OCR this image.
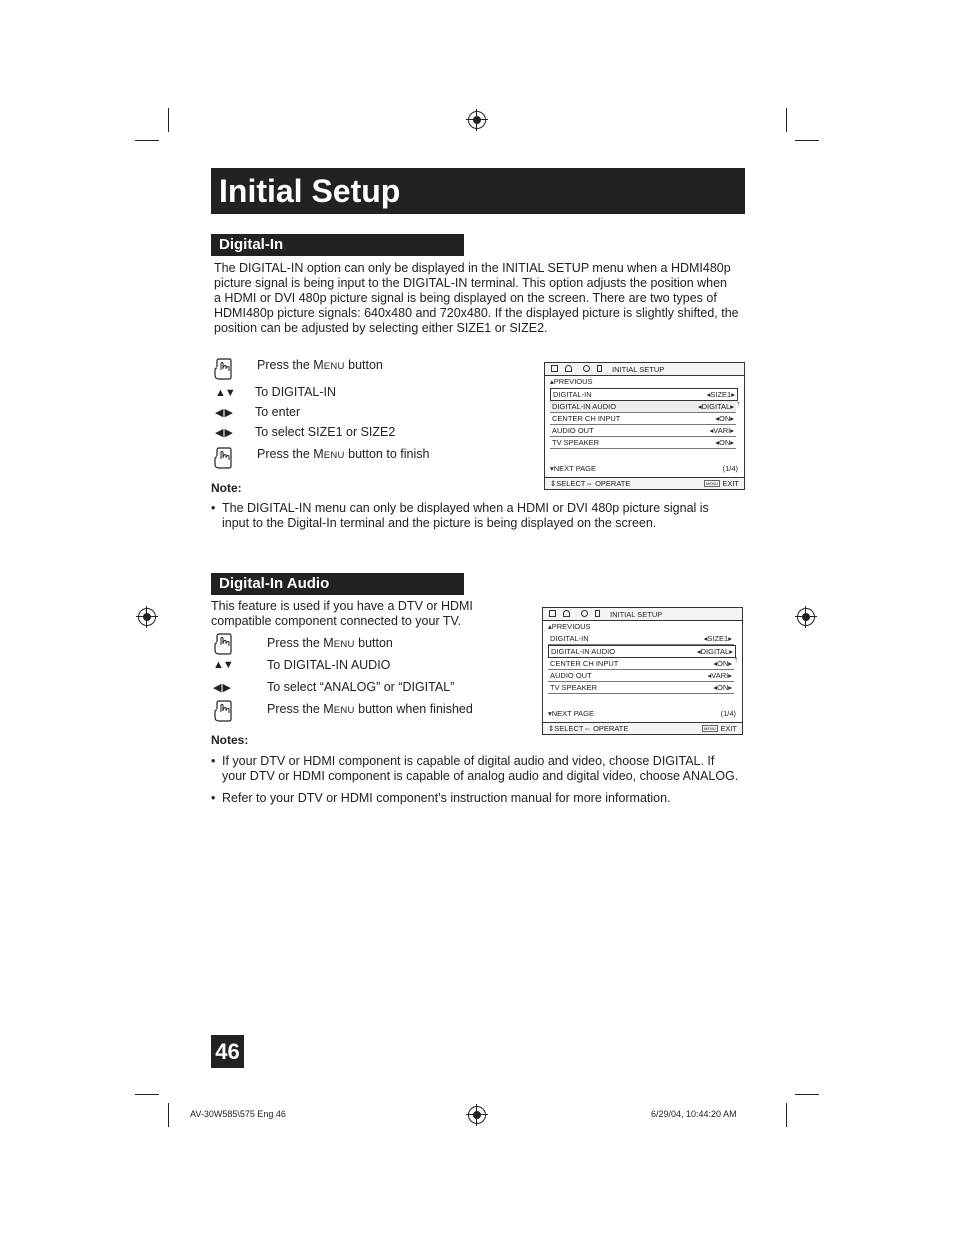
Initial Setup
Digital-In
The DIGITAL-IN option can only be displayed in the INITIAL SETUP menu when a HDMI480p
picture signal is being input to the DIGITAL-IN terminal. This option adjusts the position when
a HDMI or DVI 480p picture signal is being displayed on the screen. There are two types of
HDMI480p picture signals: 640x480 and 720x480. If the displayed picture is slightly shifted, the
position can be adjusted by selecting either SIZE1 or SIZE2.
Press the MENU button
▲▼ To DIGITAL-IN
◀ ▶ To enter
◀ ▶ To select SIZE1 or SIZE2
Press the MENU button to finish
INITIAL SETUP
▴PREVIOUS
DIGITAL-IN	◂SIZE1▸
DIGITAL-IN AUDIO	◂DIGITAL▸
CENTER CH INPUT	◂ON▸
AUDIO OUT	◂VARI▸
TV SPEAKER	◂ON▸
↑
▾NEXT PAGE	(1/4)
⇕SELECT⇔ OPERATE	MENU EXIT
Note:
• The DIGITAL-IN menu can only be displayed when a HDMI or DVI 480p picture signal is
input to the Digital-In terminal and the picture is being displayed on the screen.
Digital-In Audio
This feature is used if you have a DTV or HDMI
compatible component connected to your TV.
Press the MENU button
▲▼	To DIGITAL-IN AUDIO
◀ ▶	To select “ANALOG” or “DIGITAL”
Press the MENU button when finished
INITIAL SETUP
▴PREVIOUS
DIGITAL-IN	◂SIZE1▸
DIGITAL-IN AUDIO	◂DIGITAL▸
CENTER CH INPUT	◂ON▸
AUDIO OUT	◂VARI▸
TV SPEAKER	◂ON▸
↑
▾NEXT PAGE	(1/4)
⇕SELECT⇔ OPERATE	MENU EXIT
Notes:
• If your DTV or HDMI component is capable of digital audio and video, choose DIGITAL. If
your DTV or HDMI component is capable of analog audio and digital video, choose ANALOG.
• Refer to your DTV or HDMI component’s instruction manual for more information.
46
AV-30W585\575 Eng 46	6/29/04, 10:44:20 AM
